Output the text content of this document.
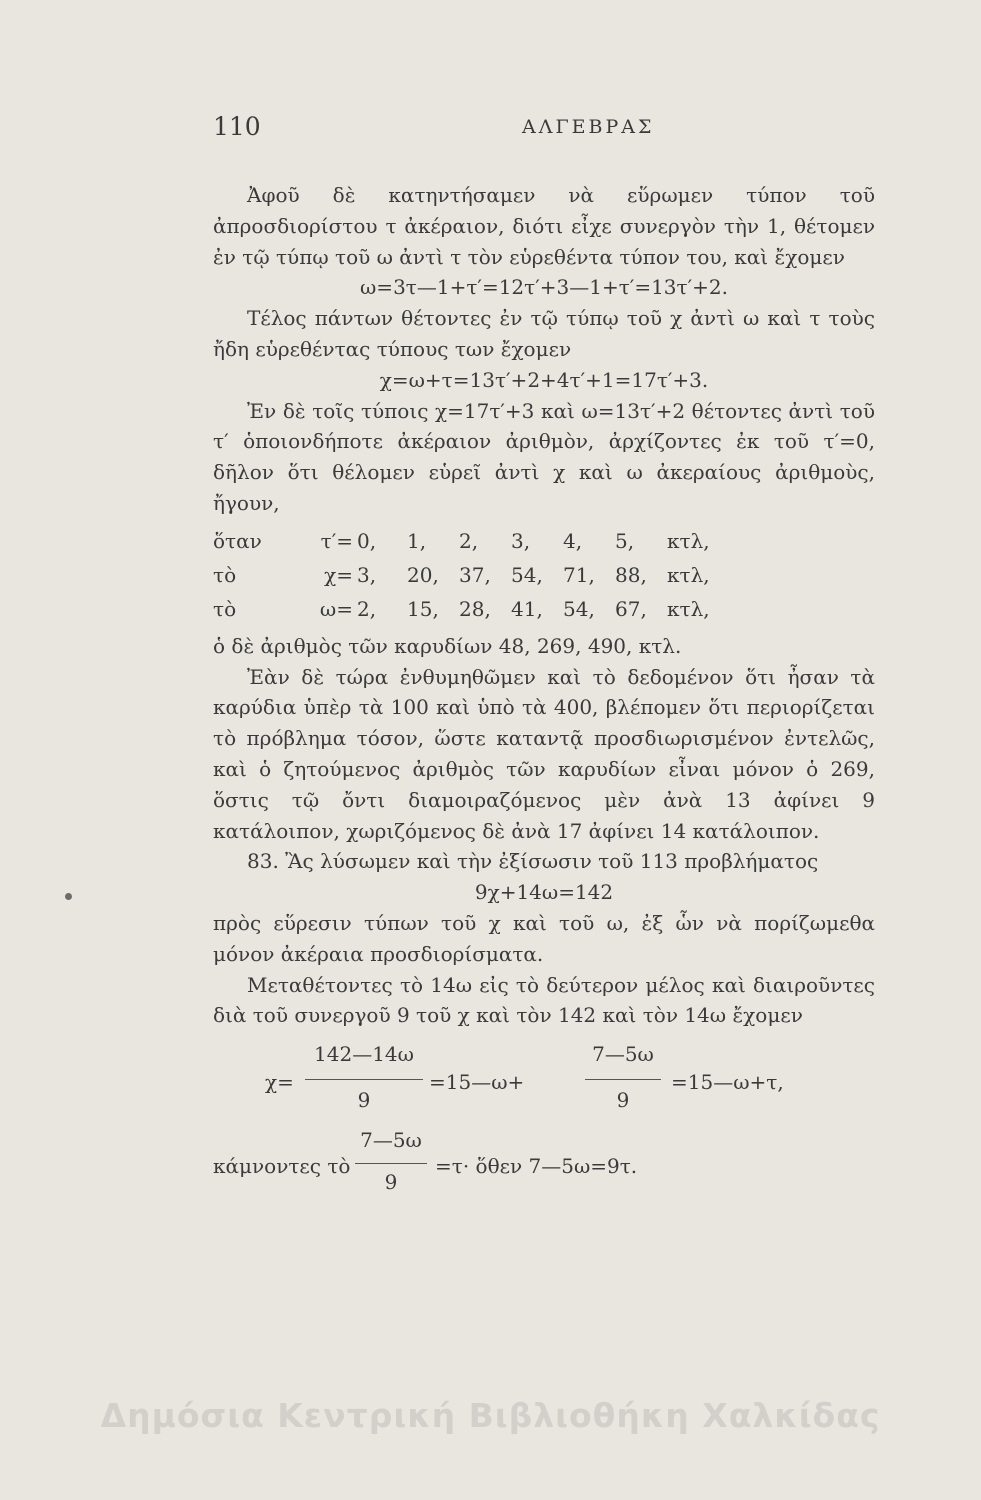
110	ΑΛΓΕΒΡΑΣ

Ἀφοῦ δὲ κατηντήσαμεν νὰ εὕρωμεν τύπον τοῦ ἀπροσδιορίστου τ ἀκέραιον, διότι εἶχε συνεργὸν τὴν 1, θέτομεν ἐν τῷ τύπῳ τοῦ ω ἀντὶ τ τὸν εὑρεθέντα τύπον του, καὶ ἔχομεν

ω=3τ—1+τ′=12τ′+3—1+τ′=13τ′+2.

Τέλος πάντων θέτοντες ἐν τῷ τύπῳ τοῦ χ ἀντὶ ω καὶ τ τοὺς ἤδη εὑρεθέντας τύπους των ἔχομεν

χ=ω+τ=13τ′+2+4τ′+1=17τ′+3.

Ἐν δὲ τοῖς τύποις χ=17τ′+3 καὶ ω=13τ′+2 θέτοντες ἀντὶ τοῦ τ′ ὁποιονδήποτε ἀκέραιον ἀριθμὸν, ἀρχίζοντες ἐκ τοῦ τ′=0, δῆλον ὅτι θέλομεν εὑρεῖ ἀντὶ χ καὶ ω ἀκεραίους ἀριθμοὺς, ἤγουν,

ὅταν	τ′=	0,	1,	2,	3,	4,	5,	κτλ,
τὸ	χ=	3,	20,	37,	54,	71,	88,	κτλ,
τὸ	ω=	2,	15,	28,	41,	54,	67,	κτλ,

ὁ δὲ ἀριθμὸς τῶν καρυδίων 48, 269, 490, κτλ.

Ἐὰν δὲ τώρα ἐνθυμηθῶμεν καὶ τὸ δεδομένον ὅτι ἦσαν τὰ καρύδια ὑπὲρ τὰ 100 καὶ ὑπὸ τὰ 400, βλέπομεν ὅτι περιορίζεται τὸ πρόβλημα τόσον, ὥστε καταντᾷ προσδιωρισμένον ἐντελῶς, καὶ ὁ ζητούμενος ἀριθμὸς τῶν καρυδίων εἶναι μόνον ὁ 269, ὅστις τῷ ὄντι διαμοιραζόμενος μὲν ἀνὰ 13 ἀφίνει 9 κατάλοιπον, χωριζόμενος δὲ ἀνὰ 17 ἀφίνει 14 κατάλοιπον.

83. Ἂς λύσωμεν καὶ τὴν ἐξίσωσιν τοῦ 113 προβλήματος

9χ+14ω=142

πρὸς εὕρεσιν τύπων τοῦ χ καὶ τοῦ ω, ἐξ ὧν νὰ πορίζωμεθα μόνον ἀκέραια προσδιορίσματα.

Μεταθέτοντες τὸ 14ω εἰς τὸ δεύτερον μέλος καὶ διαιροῦντες διὰ τοῦ συνεργοῦ 9 τοῦ χ καὶ τὸν 142 καὶ τὸν 14ω ἔχομεν

χ=
142—14ω
9
=15—ω+
7—5ω
9
=15—ω+τ,
κάμνοντες τὸ
7—5ω
9
=τ· ὅθεν 7—5ω=9τ.
Δημόσια Κεντρική Βιβλιοθήκη Χαλκίδας
